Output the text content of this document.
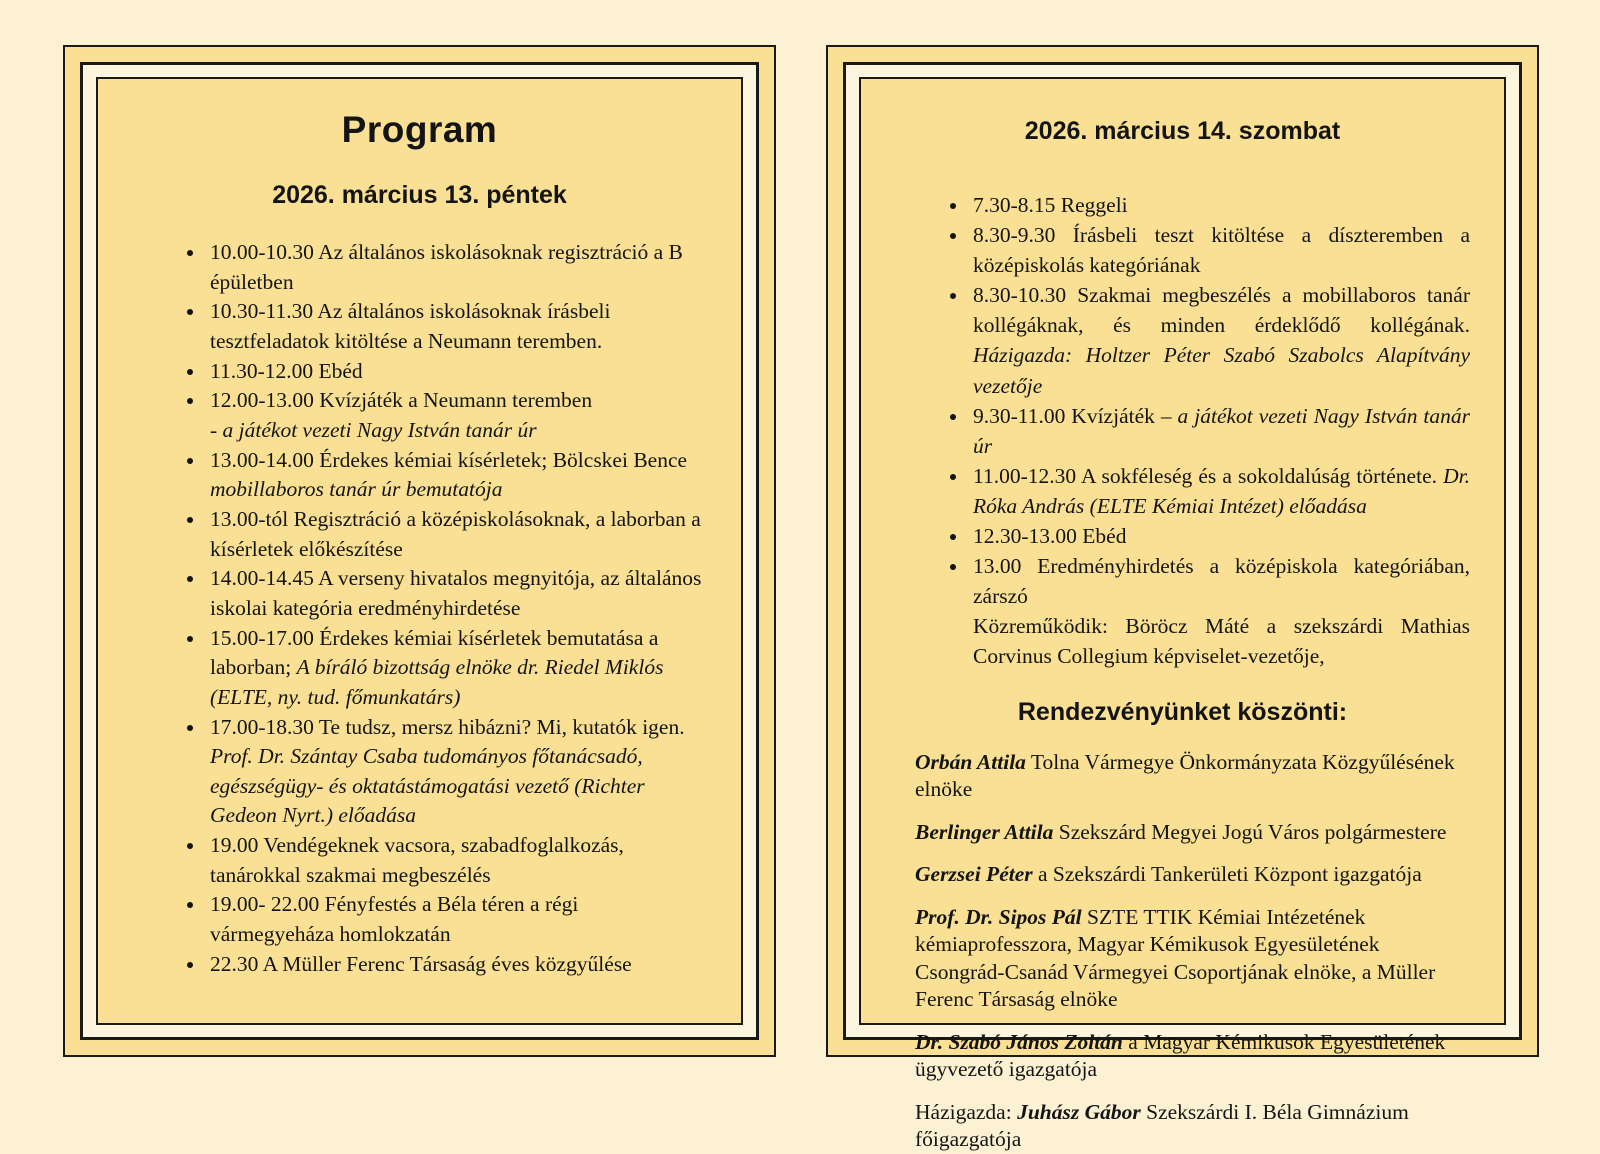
Program
2026. március 13. péntek
• 10.00-10.30 Az általános iskolásoknak regisztráció a B épületben
• 10.30-11.30 Az általános iskolásoknak írásbeli tesztfeladatok kitöltése a Neumann teremben.
• 11.30-12.00 Ebéd
• 12.00-13.00 Kvízjáték a Neumann teremben
- a játékot vezeti Nagy István tanár úr
• 13.00-14.00 Érdekes kémiai kísérletek; Bölcskei Bence
mobillaboros tanár úr bemutatója
• 13.00-tól Regisztráció a középiskolásoknak, a laborban a kísérletek előkészítése
• 14.00-14.45 A verseny hivatalos megnyitója, az általános iskolai kategória eredményhirdetése
• 15.00-17.00 Érdekes kémiai kísérletek bemutatása a laborban; A bíráló bizottság elnöke dr. Riedel Miklós (ELTE, ny. tud. főmunkatárs)
• 17.00-18.30 Te tudsz, mersz hibázni? Mi, kutatók igen.
Prof. Dr. Szántay Csaba tudományos főtanácsadó, egészségügy- és oktatástámogatási vezető (Richter Gedeon Nyrt.) előadása
• 19.00 Vendégeknek vacsora, szabadfoglalkozás, tanárokkal szakmai megbeszélés
• 19.00- 22.00 Fényfestés a Béla téren a régi vármegyeháza homlokzatán
• 22.30 A Müller Ferenc Társaság éves közgyűlése
2026. március 14. szombat
• 7.30-8.15 Reggeli
• 8.30-9.30 Írásbeli teszt kitöltése a díszteremben a középiskolás kategóriának
• 8.30-10.30 Szakmai megbeszélés a mobillaboros tanár kollégáknak, és minden érdeklődő kollégának. Házigazda: Holtzer Péter Szabó Szabolcs Alapítvány vezetője
• 9.30-11.00 Kvízjáték – a játékot vezeti Nagy István tanár úr
• 11.00-12.30 A sokféleség és a sokoldalúság története. Dr. Róka András (ELTE Kémiai Intézet) előadása
• 12.30-13.00 Ebéd
• 13.00 Eredményhirdetés a középiskola kategóriában, zárszó
Közreműködik: Böröcz Máté a szekszárdi Mathias Corvinus Collegium képviselet-vezetője,
Rendezvényünket köszönti:

Orbán Attila Tolna Vármegye Önkormányzata Közgyűlésének elnöke

Berlinger Attila Szekszárd Megyei Jogú Város polgármestere

Gerzsei Péter a Szekszárdi Tankerületi Központ igazgatója

Prof. Dr. Sipos Pál SZTE TTIK Kémiai Intézetének kémiaprofesszora, Magyar Kémikusok Egyesületének Csongrád-Csanád Vármegyei Csoportjának elnöke, a Müller Ferenc Társaság elnöke

Dr. Szabó János Zoltán a Magyar Kémikusok Egyesületének ügyvezető igazgatója

Házigazda: Juhász Gábor Szekszárdi I. Béla Gimnázium főigazgatója
